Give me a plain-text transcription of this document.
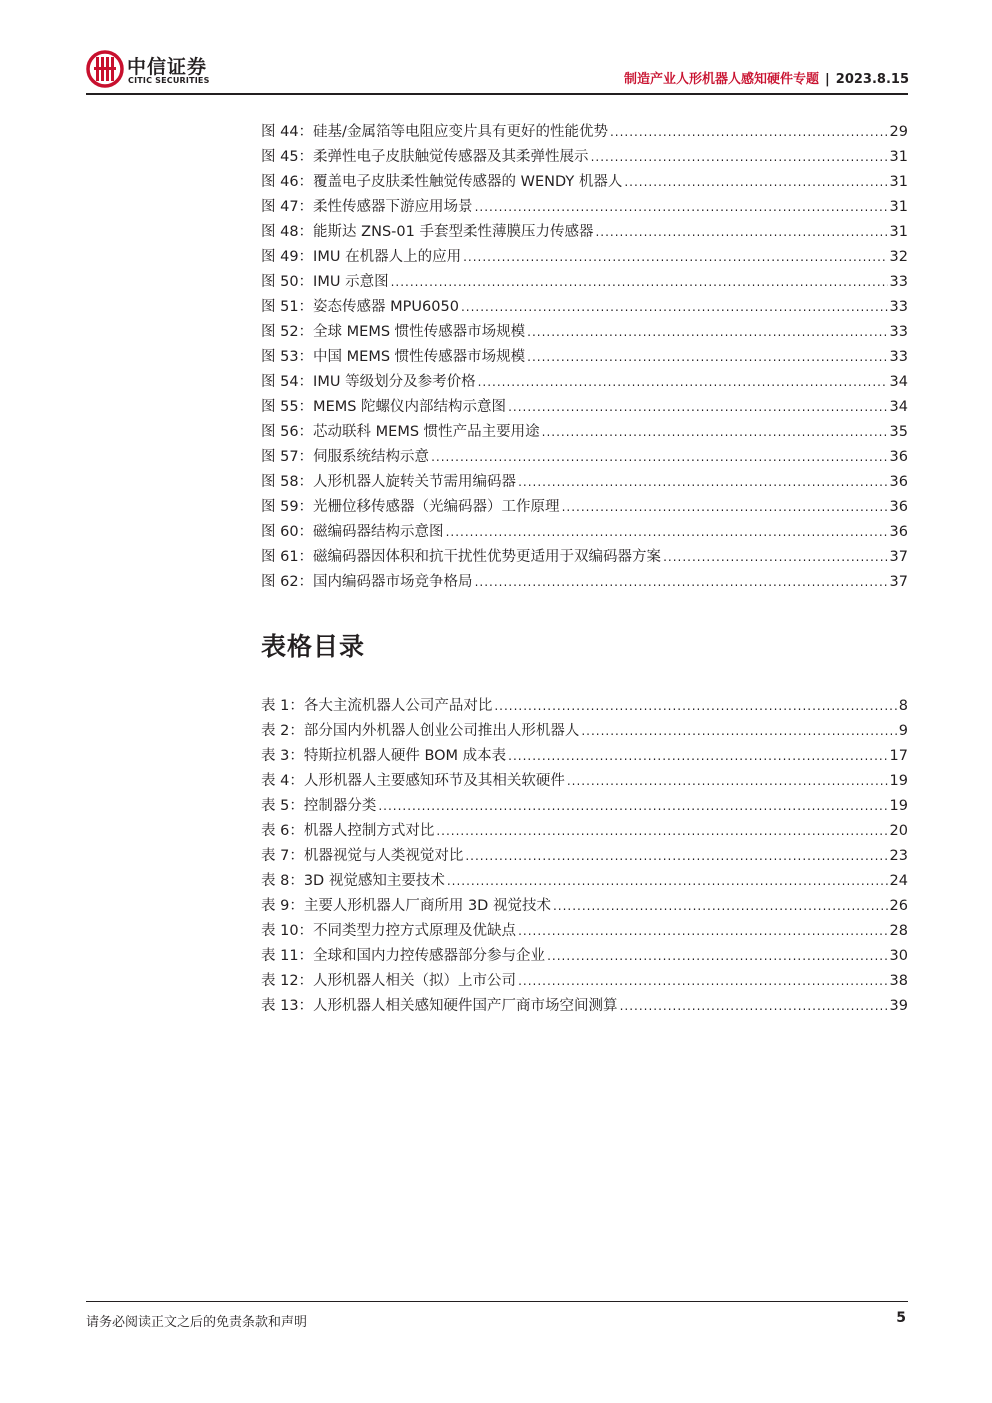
中信证券
CITIC SECURITIES	制造产业人形机器人感知硬件专题 | 2023.8.15
图 44：硅基/金属箔等电阻应变片具有更好的性能优势 .....	29
图 45：柔弹性电子皮肤触觉传感器及其柔弹性展示 .....	31
图 46：覆盖电子皮肤柔性触觉传感器的 WENDY 机器人 .....	31
图 47：柔性传感器下游应用场景 .....	31
图 48：能斯达 ZNS-01 手套型柔性薄膜压力传感器 .....	31
图 49：IMU 在机器人上的应用 .....	32
图 50：IMU 示意图 .....	33
图 51：姿态传感器 MPU6050 .....	33
图 52：全球 MEMS 惯性传感器市场规模 .....	33
图 53：中国 MEMS 惯性传感器市场规模 .....	33
图 54：IMU 等级划分及参考价格 .....	34
图 55：MEMS 陀螺仪内部结构示意图 .....	34
图 56：芯动联科 MEMS 惯性产品主要用途 .....	35
图 57：伺服系统结构示意 .....	36
图 58：人形机器人旋转关节需用编码器 .....	36
图 59：光栅位移传感器（光编码器）工作原理 .....	36
图 60：磁编码器结构示意图 .....	36
图 61：磁编码器因体积和抗干扰性优势更适用于双编码器方案 .....	37
图 62：国内编码器市场竞争格局 .....	37
表格目录
表 1：各大主流机器人公司产品对比 .....	8
表 2：部分国内外机器人创业公司推出人形机器人 .....	9
表 3：特斯拉机器人硬件 BOM 成本表 .....	17
表 4：人形机器人主要感知环节及其相关软硬件 .....	19
表 5：控制器分类 .....	19
表 6：机器人控制方式对比 .....	20
表 7：机器视觉与人类视觉对比 .....	23
表 8：3D 视觉感知主要技术 .....	24
表 9：主要人形机器人厂商所用 3D 视觉技术 .....	26
表 10：不同类型力控方式原理及优缺点 .....	28
表 11：全球和国内力控传感器部分参与企业 .....	30
表 12：人形机器人相关（拟）上市公司 .....	38
表 13：人形机器人相关感知硬件国产厂商市场空间测算 .....	39
请务必阅读正文之后的免责条款和声明	5
